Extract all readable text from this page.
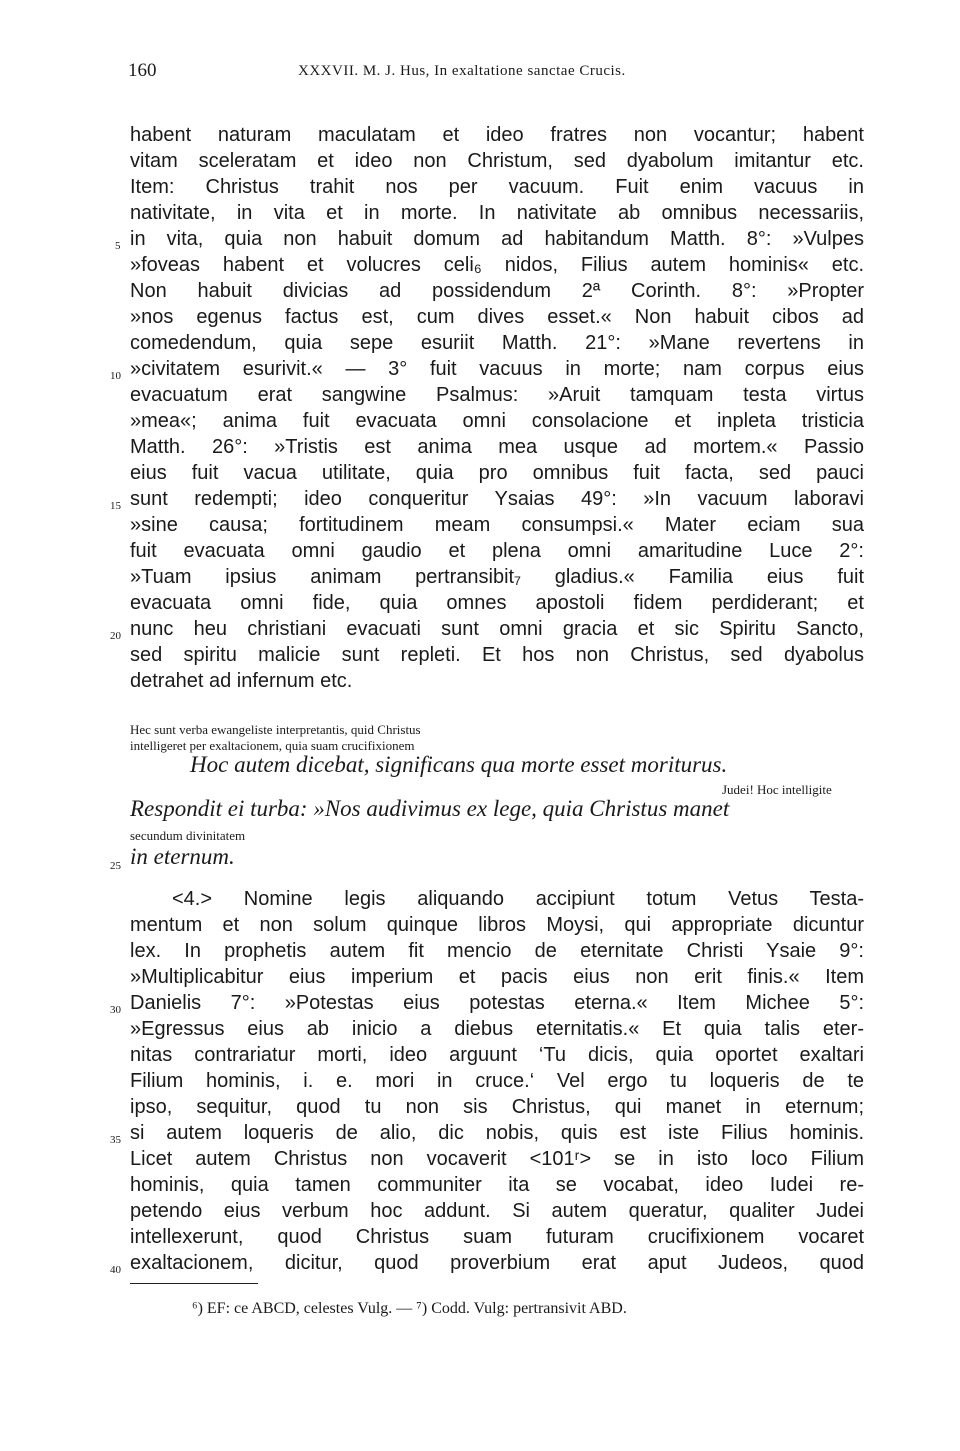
160	XXXVII. M. J. Hus, In exaltatione sanctae Crucis.
habent naturam maculatam et ideo fratres non vocantur; habent
vitam sceleratam et ideo non Christum, sed dyabolum imitantur etc.
Item: Christus trahit nos per vacuum. Fuit enim vacuus in
nativitate, in vita et in morte. In nativitate ab omnibus necessariis,
in vita, quia non habuit domum ad habitandum Matth. 8°: »Vulpes
»foveas habent et volucres celi₆ nidos, Filius autem hominis« etc.
Non habuit divicias ad possidendum 2ª Corinth. 8°: »Propter
»nos egenus factus est, cum dives esset.« Non habuit cibos ad
comedendum, quia sepe esuriit Matth. 21°: »Mane revertens in
»civitatem esurivit.« — 3° fuit vacuus in morte; nam corpus eius
evacuatum erat sangwine Psalmus: »Aruit tamquam testa virtus
»mea«; anima fuit evacuata omni consolacione et inpleta tristicia
Matth. 26°: »Tristis est anima mea usque ad mortem.« Passio
eius fuit vacua utilitate, quia pro omnibus fuit facta, sed pauci
sunt redempti; ideo conqueritur Ysaias 49°: »In vacuum laboravi
»sine causa; fortitudinem meam consumpsi.« Mater eciam sua
fuit evacuata omni gaudio et plena omni amaritudine Luce 2°:
»Tuam ipsius animam pertransibit₇ gladius.« Familia eius fuit
evacuata omni fide, quia omnes apostoli fidem perdiderant; et
nunc heu christiani evacuati sunt omni gracia et sic Spiritu Sancto,
sed spiritu malicie sunt repleti. Et hos non Christus, sed dyabolus
detrahet ad infernum etc.
Hec sunt verba ewangeliste interpretantis, quid Christus
intelligeret per exaltacionem, quia suam crucifixionem
Hoc autem dicebat, significans qua morte esset moriturus.
Judei! Hoc intelligite
Respondit ei turba: »Nos audivimus ex lege, quia Christus manet
secundum divinitatem
in eternum.
<4.> Nomine legis aliquando accipiunt totum Vetus Testa-
mentum et non solum quinque libros Moysi, qui appropriate dicuntur
lex. In prophetis autem fit mencio de eternitate Christi Ysaie 9°:
»Multiplicabitur eius imperium et pacis eius non erit finis.« Item
Danielis 7°: »Potestas eius potestas eterna.« Item Michee 5°:
»Egressus eius ab inicio a diebus eternitatis.« Et quia talis eter-
nitas contrariatur morti, ideo arguunt ‘Tu dicis, quia oportet exaltari
Filium hominis, i. e. mori in cruce.‘ Vel ergo tu loqueris de te
ipso, sequitur, quod tu non sis Christus, qui manet in eternum;
si autem loqueris de alio, dic nobis, quis est iste Filius hominis.
Licet autem Christus non vocaverit <101ʳ> se in isto loco Filium
hominis, quia tamen communiter ita se vocabat, ideo Iudei re-
petendo eius verbum hoc addunt. Si autem queratur, qualiter Judei
intellexerunt, quod Christus suam futuram crucifixionem vocaret
exaltacionem, dicitur, quod proverbium erat aput Judeos, quod
5
10
15
20
25
30
35
40
⁶) EF: ce ABCD, celestes Vulg. — ⁷) Codd. Vulg: pertransivit ABD.
